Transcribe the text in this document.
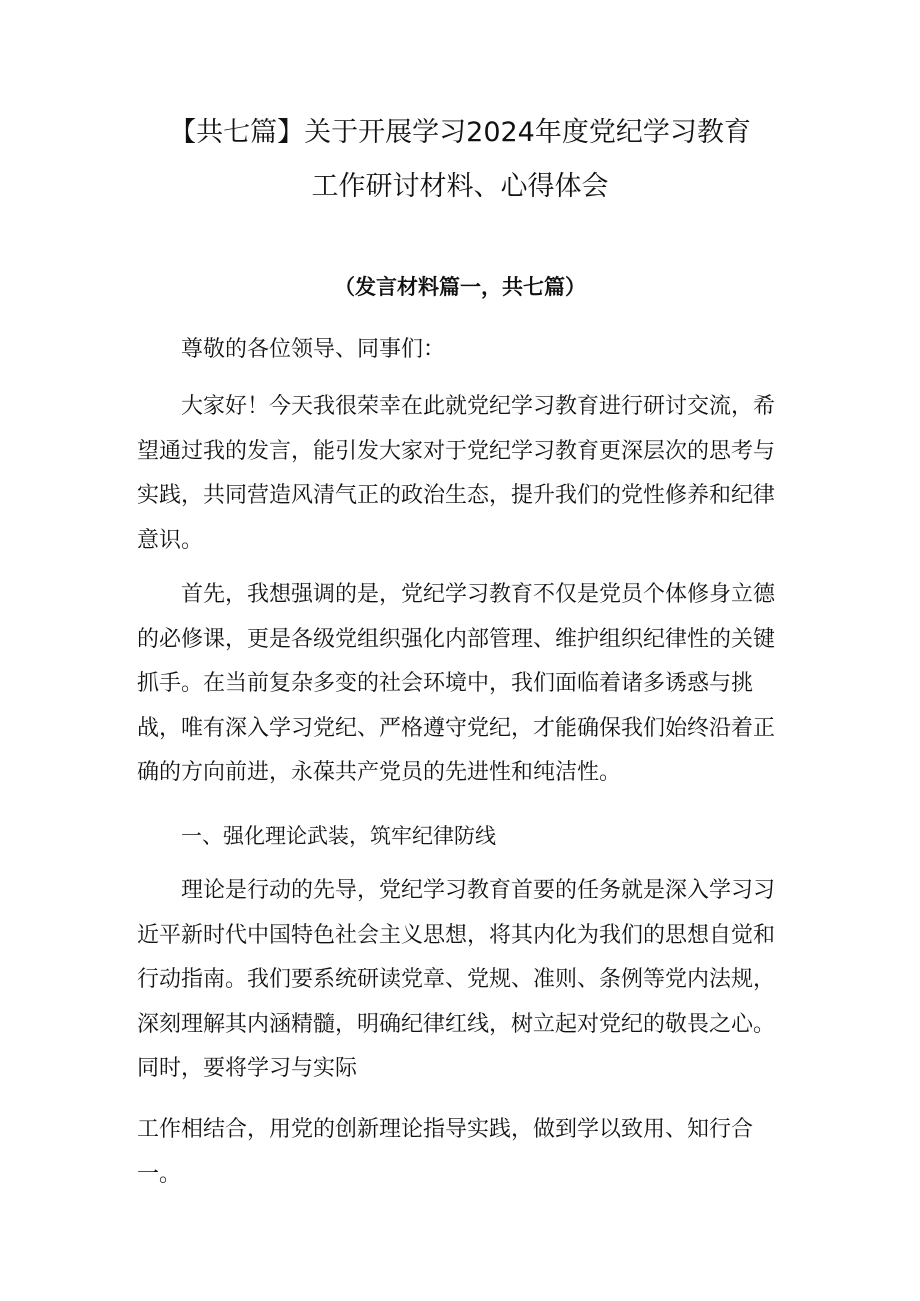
【共七篇】关于开展学习2024年度党纪学习教育
工作研讨材料、心得体会
（发言材料篇一，共七篇）

尊敬的各位领导、同事们：

大家好！今天我很荣幸在此就党纪学习教育进行研讨交流，希望通过我的发言，能引发大家对于党纪学习教育更深层次的思考与实践，共同营造风清气正的政治生态，提升我们的党性修养和纪律意识。

首先，我想强调的是，党纪学习教育不仅是党员个体修身立德的必修课，更是各级党组织强化内部管理、维护组织纪律性的关键抓手。在当前复杂多变的社会环境中，我们面临着诸多诱惑与挑战，唯有深入学习党纪、严格遵守党纪，才能确保我们始终沿着正确的方向前进，永葆共产党员的先进性和纯洁性。

一、强化理论武装，筑牢纪律防线

理论是行动的先导，党纪学习教育首要的任务就是深入学习习近平新时代中国特色社会主义思想，将其内化为我们的思想自觉和行动指南。我们要系统研读党章、党规、准则、条例等党内法规，深刻理解其内涵精髓，明确纪律红线，树立起对党纪的敬畏之心。同时，要将学习与实际

工作相结合，用党的创新理论指导实践，做到学以致用、知行合一。
